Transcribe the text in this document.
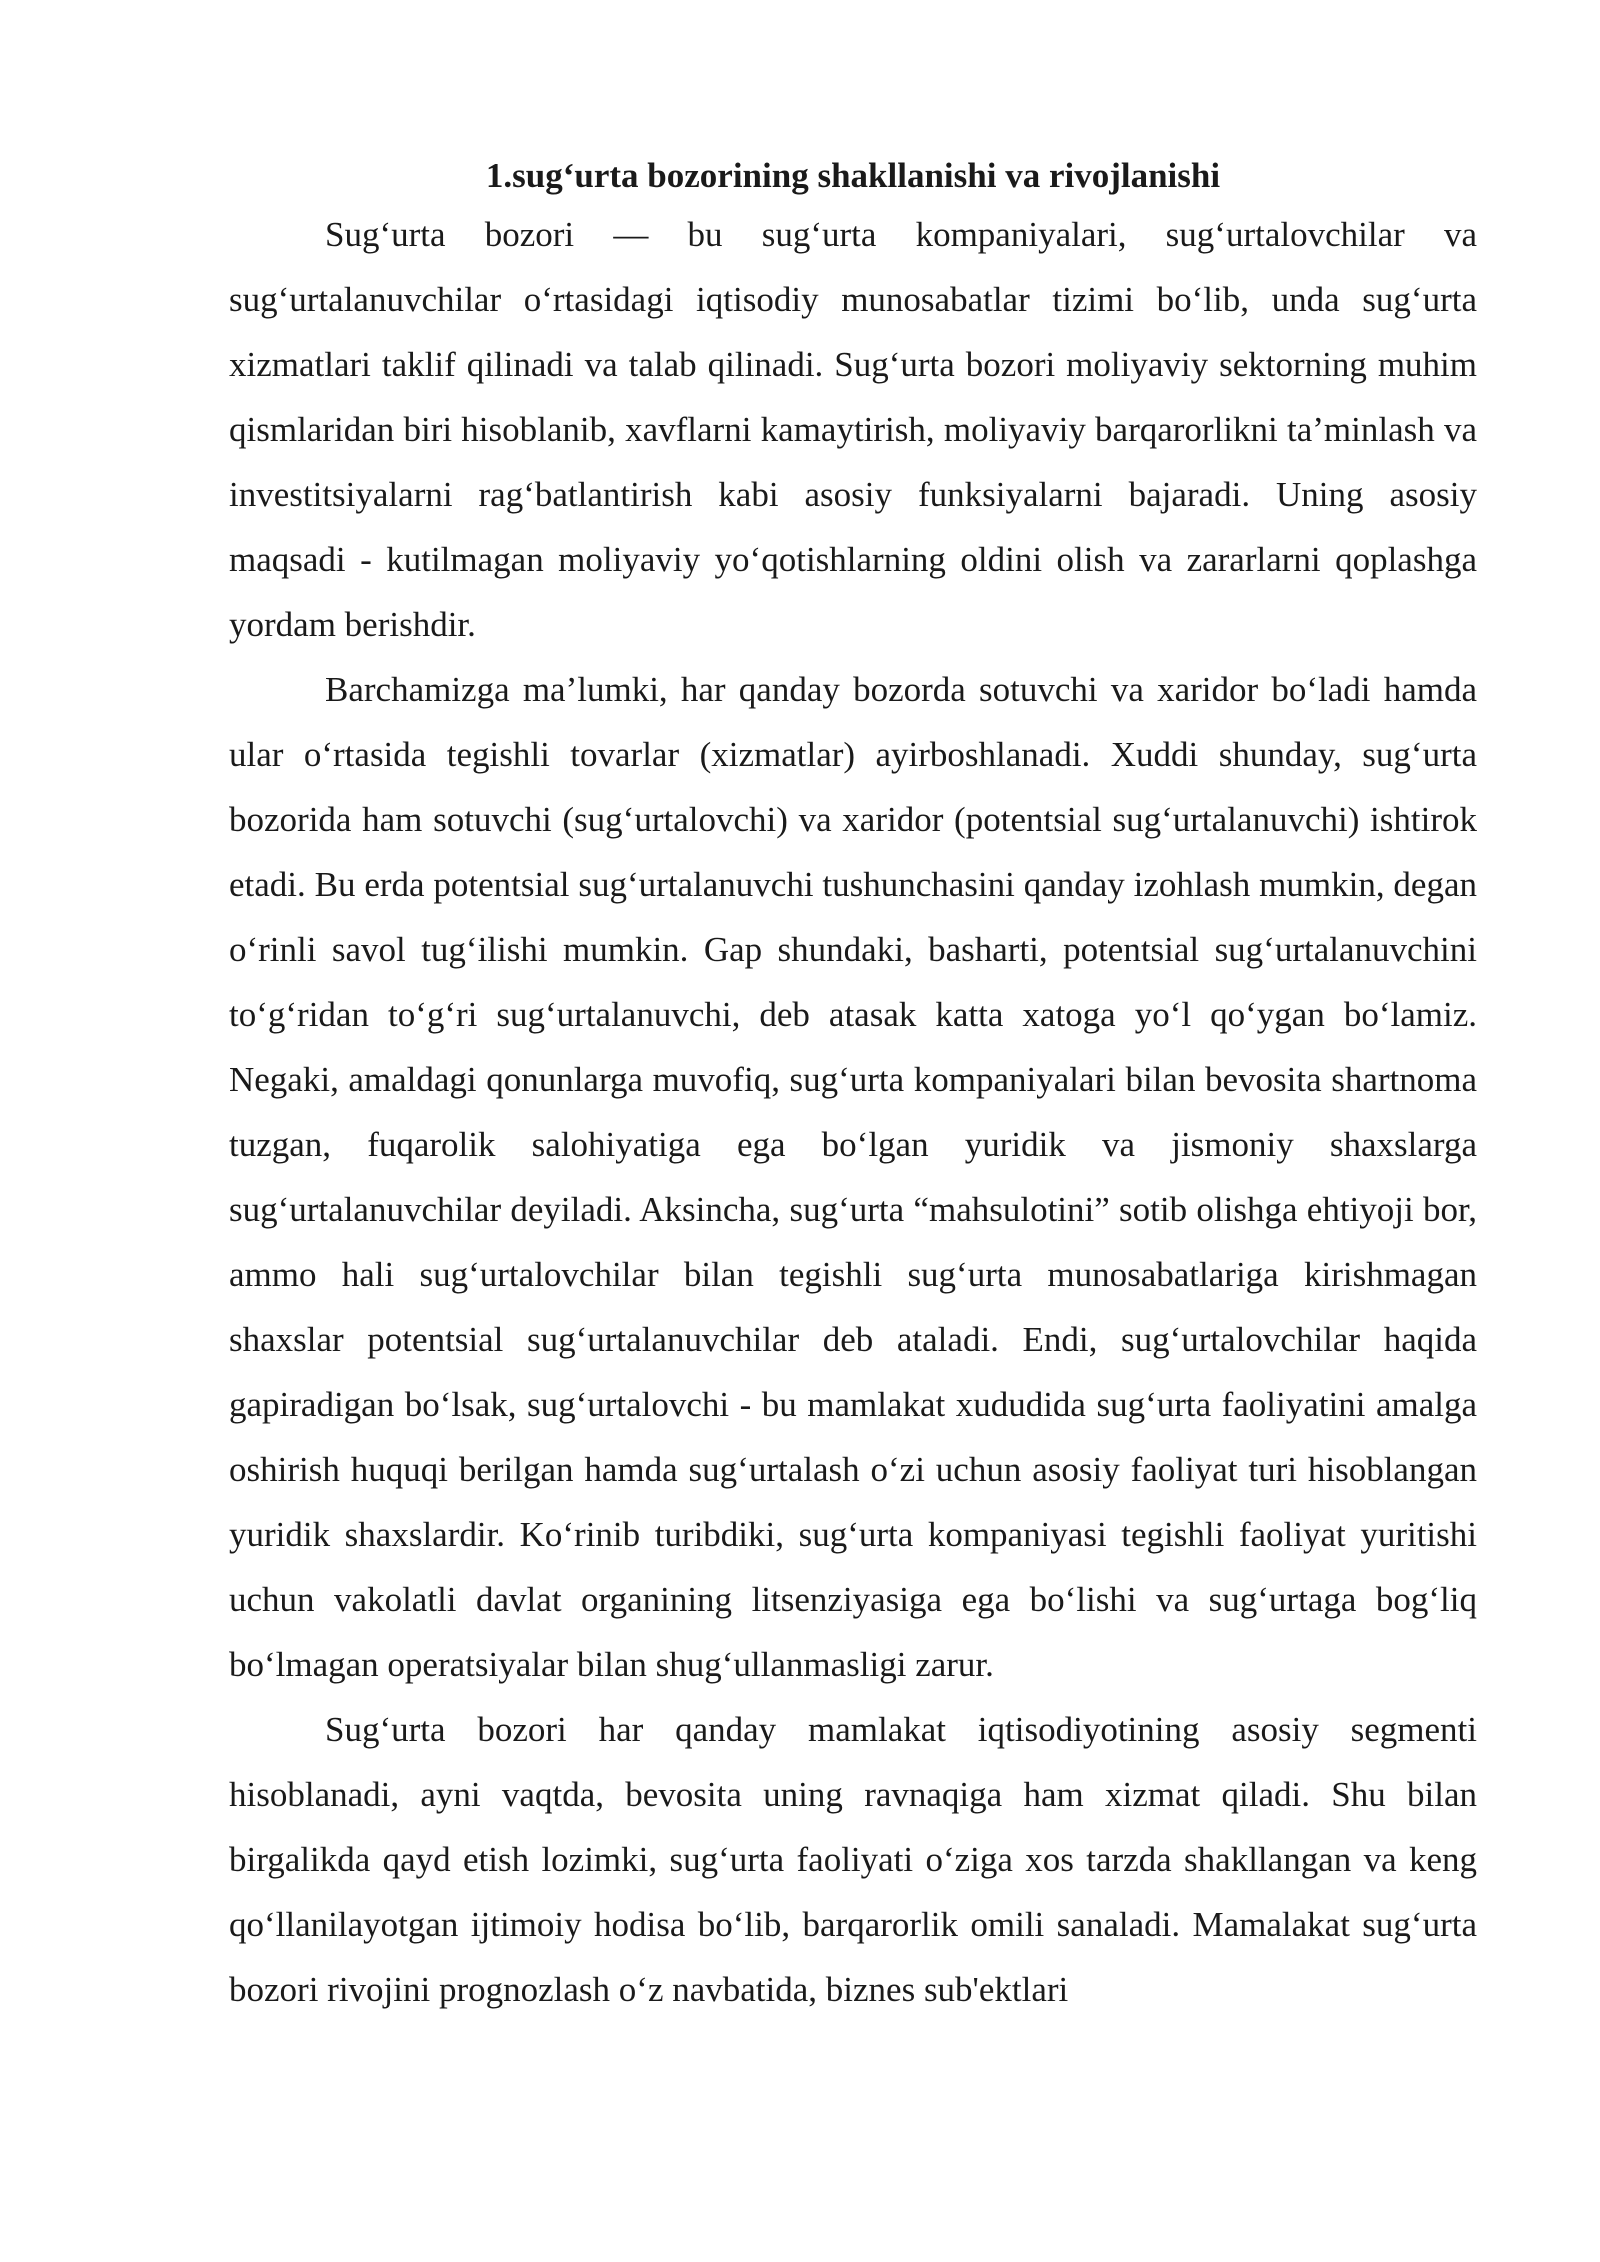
1.sug‘urta bozorining shakllanishi va rivojlanishi

Sug‘urta bozori — bu sug‘urta kompaniyalari, sug‘urtalovchilar va sug‘urtalanuvchilar o‘rtasidagi iqtisodiy munosabatlar tizimi bo‘lib, unda sug‘urta xizmatlari taklif qilinadi va talab qilinadi. Sug‘urta bozori moliyaviy sektorning muhim qismlaridan biri hisoblanib, xavflarni kamaytirish, moliyaviy barqarorlikni ta’minlash va investitsiyalarni rag‘batlantirish kabi asosiy funksiyalarni bajaradi. Uning asosiy maqsadi - kutilmagan moliyaviy yo‘qotishlarning oldini olish va zararlarni qoplashga yordam berishdir.

Barchamizga ma’lumki, har qanday bozorda sotuvchi va xaridor bo‘ladi hamda ular o‘rtasida tegishli tovarlar (xizmatlar) ayirboshlanadi. Xuddi shunday, sug‘urta bozorida ham sotuvchi (sug‘urtalovchi) va xaridor (potentsial sug‘urtalanuvchi) ishtirok etadi. Bu erda potentsial sug‘urtalanuvchi tushunchasini qanday izohlash mumkin, degan o‘rinli savol tug‘ilishi mumkin. Gap shundaki, basharti, potentsial sug‘urtalanuvchini to‘g‘ridan to‘g‘ri sug‘urtalanuvchi, deb atasak katta xatoga yo‘l qo‘ygan bo‘lamiz. Negaki, amaldagi qonunlarga muvofiq, sug‘urta kompaniyalari bilan bevosita shartnoma tuzgan, fuqarolik salohiyatiga ega bo‘lgan yuridik va jismoniy shaxslarga sug‘urtalanuvchilar deyiladi. Aksincha, sug‘urta “mahsulotini” sotib olishga ehtiyoji bor, ammo hali sug‘urtalovchilar bilan tegishli sug‘urta munosabatlariga kirishmagan shaxslar potentsial sug‘urtalanuvchilar deb ataladi. Endi, sug‘urtalovchilar haqida gapiradigan bo‘lsak, sug‘urtalovchi - bu mamlakat xududida sug‘urta faoliyatini amalga oshirish huquqi berilgan hamda sug‘urtalash o‘zi uchun asosiy faoliyat turi hisoblangan yuridik shaxslardir. Ko‘rinib turibdiki, sug‘urta kompaniyasi tegishli faoliyat yuritishi uchun vakolatli davlat organining litsenziyasiga ega bo‘lishi va sug‘urtaga bog‘liq bo‘lmagan operatsiyalar bilan shug‘ullanmasligi zarur.

Sug‘urta bozori har qanday mamlakat iqtisodiyotining asosiy segmenti hisoblanadi, ayni vaqtda, bevosita uning ravnaqiga ham xizmat qiladi. Shu bilan birgalikda qayd etish lozimki, sug‘urta faoliyati o‘ziga xos tarzda shakllangan va keng qo‘llanilayotgan ijtimoiy hodisa bo‘lib, barqarorlik omili sanaladi. Mamalakat sug‘urta bozori rivojini prognozlash o‘z navbatida, biznes sub'ektlari
